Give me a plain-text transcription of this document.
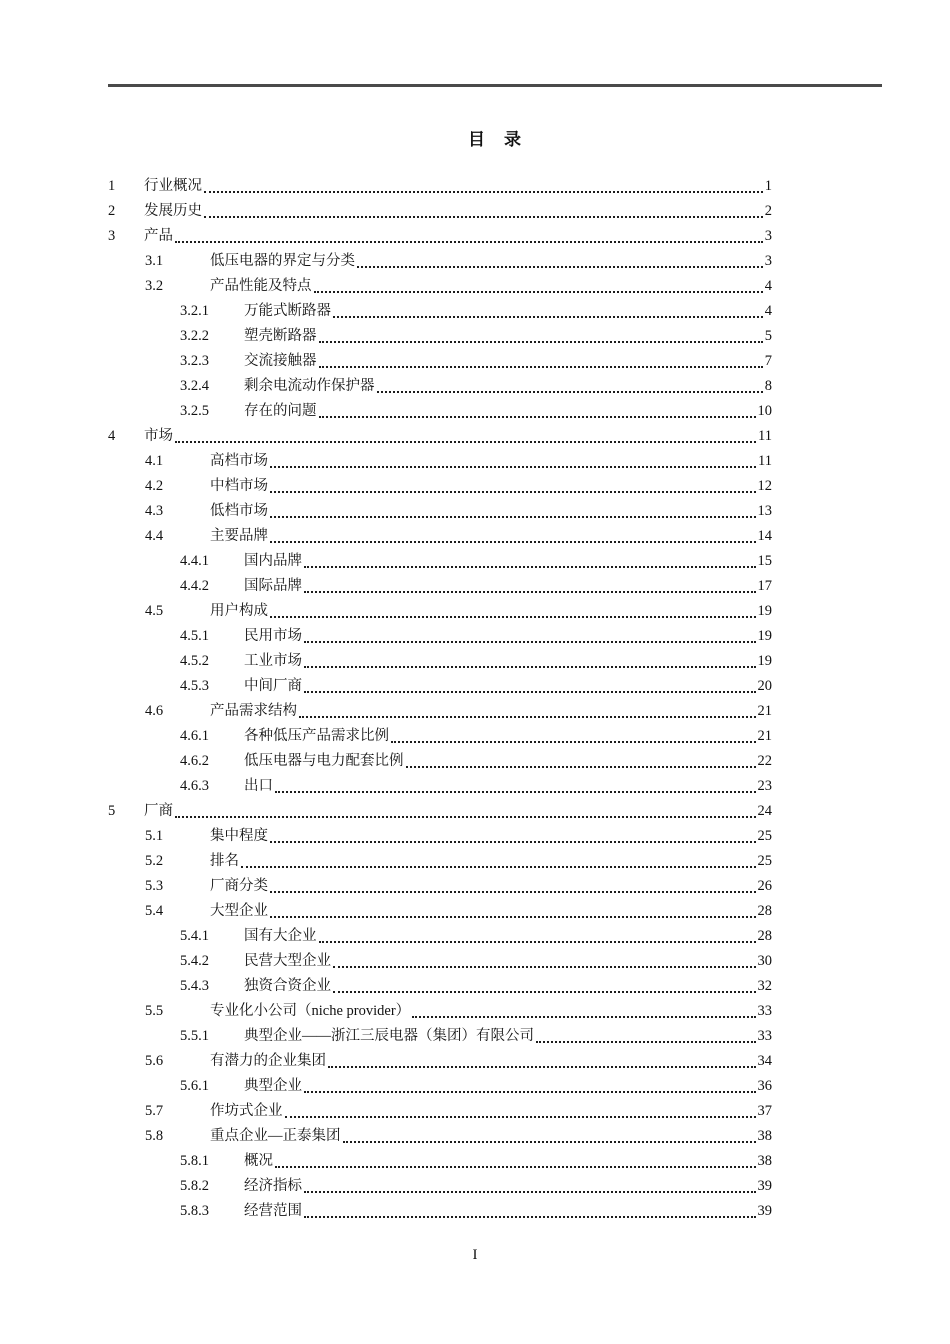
目　录
1	行业概况	1
2	发展历史	2
3	产品	3
3.1	低压电器的界定与分类	3
3.2	产品性能及特点	4
3.2.1	万能式断路器	4
3.2.2	塑壳断路器	5
3.2.3	交流接触器	7
3.2.4	剩余电流动作保护器	8
3.2.5	存在的问题	10
4	市场	11
4.1	高档市场	11
4.2	中档市场	12
4.3	低档市场	13
4.4	主要品牌	14
4.4.1	国内品牌	15
4.4.2	国际品牌	17
4.5	用户构成	19
4.5.1	民用市场	19
4.5.2	工业市场	19
4.5.3	中间厂商	20
4.6	产品需求结构	21
4.6.1	各种低压产品需求比例	21
4.6.2	低压电器与电力配套比例	22
4.6.3	出口	23
5	厂商	24
5.1	集中程度	25
5.2	排名	25
5.3	厂商分类	26
5.4	大型企业	28
5.4.1	国有大企业	28
5.4.2	民营大型企业	30
5.4.3	独资合资企业	32
5.5	专业化小公司（niche provider）	33
5.5.1	典型企业——浙江三辰电器（集团）有限公司	33
5.6	有潜力的企业集团	34
5.6.1	典型企业	36
5.7	作坊式企业	37
5.8	重点企业—正泰集团	38
5.8.1	概况	38
5.8.2	经济指标	39
5.8.3	经营范围	39
I
